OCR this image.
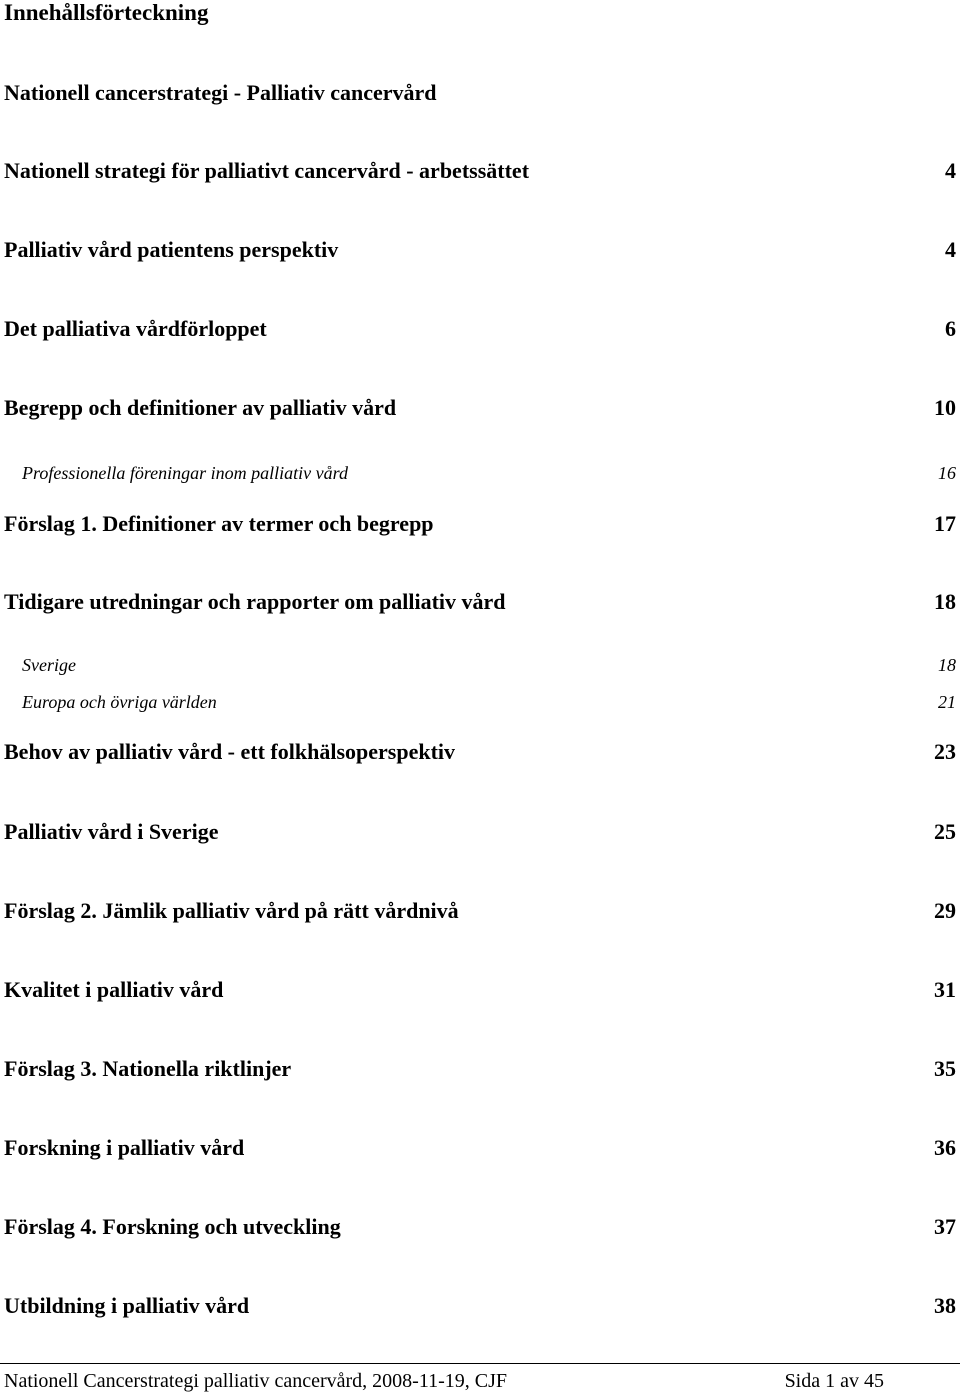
Innehållsförteckning
Nationell cancerstrategi - Palliativ cancervård
Nationell strategi för palliativt cancervård - arbetssättet	4
Palliativ vård patientens perspektiv	4
Det palliativa vårdförloppet	6
Begrepp och definitioner av palliativ vård	10
Professionella föreningar inom palliativ vård	16
Förslag 1. Definitioner av termer och begrepp	17
Tidigare utredningar och rapporter om palliativ vård	18
Sverige	18
Europa och övriga världen	21
Behov av palliativ vård - ett folkhälsoperspektiv	23
Palliativ vård i Sverige	25
Förslag 2. Jämlik palliativ vård på rätt vårdnivå	29
Kvalitet i palliativ vård	31
Förslag 3. Nationella riktlinjer	35
Forskning i palliativ vård	36
Förslag 4. Forskning och utveckling	37
Utbildning i palliativ vård	38
Nationell Cancerstrategi palliativ cancervård, 2008-11-19, CJF	Sida 1 av 45
